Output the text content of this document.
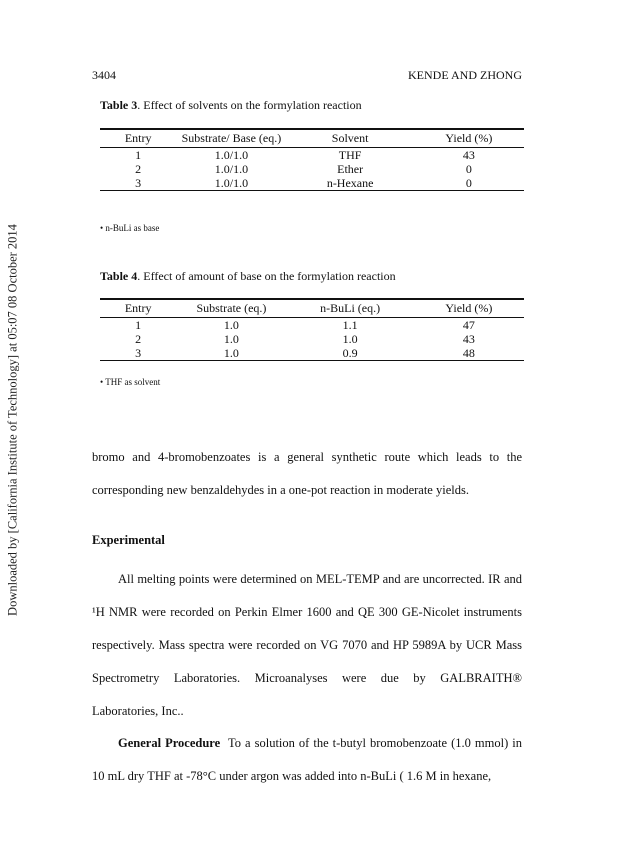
Downloaded by [California Institute of Technology] at 05:07 08 October 2014
3404	KENDE AND ZHONG
Table 3. Effect of solvents on the formylation reaction
Entry	Substrate/ Base (eq.)	Solvent	Yield (%)
1	1.0/1.0	THF	43
2	1.0/1.0	Ether	0
3	1.0/1.0	n-Hexane	0
• n-BuLi as base
Table 4. Effect of amount of base on the formylation reaction
Entry	Substrate (eq.)	n-BuLi (eq.)	Yield (%)
1	1.0	1.1	47
2	1.0	1.0	43
3	1.0	0.9	48
• THF as solvent
bromo and 4-bromobenzoates is a general synthetic route which leads to the corresponding new benzaldehydes in a one-pot reaction in moderate yields.
Experimental
All melting points were determined on MEL-TEMP and are uncorrected. IR and ¹H NMR were recorded on Perkin Elmer 1600 and QE 300 GE-Nicolet instruments respectively. Mass spectra were recorded on VG 7070 and HP 5989A by UCR Mass Spectrometry Laboratories. Microanalyses were due by GALBRAITH® Laboratories, Inc..
General Procedure To a solution of the t-butyl bromobenzoate (1.0 mmol) in 10 mL dry THF at -78°C under argon was added into n-BuLi ( 1.6 M in hexane,
